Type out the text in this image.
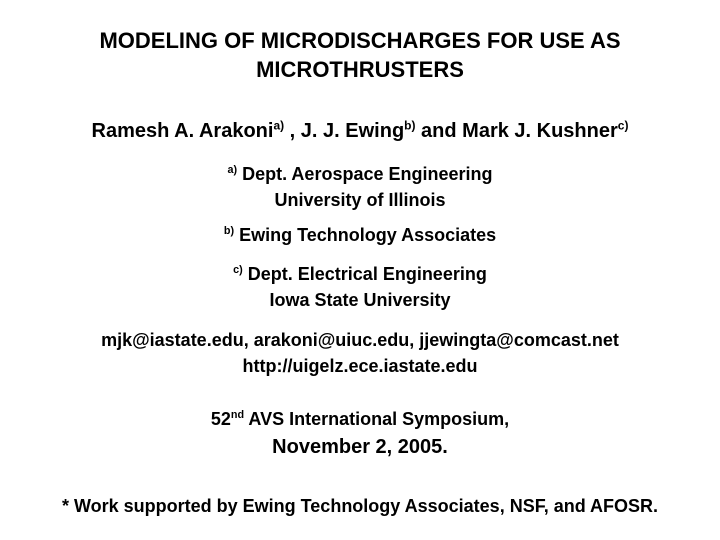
MODELING OF MICRODISCHARGES FOR USE AS
MICROTHRUSTERS
Ramesh A. Arakoni$^{a)}$ , J. J. Ewing$^{b)}$ and Mark J. Kushner$^{c)}$
$^{a)}$ Dept. Aerospace Engineering
University of Illinois
$^{b)}$ Ewing Technology Associates
$^{c)}$ Dept. Electrical Engineering
Iowa State University
mjk@iastate.edu, arakoni@uiuc.edu, jjewingta@comcast.net
http://uigelz.ece.iastate.edu
52nd AVS International Symposium,
November 2, 2005.
* Work supported by Ewing Technology Associates, NSF, and AFOSR.
